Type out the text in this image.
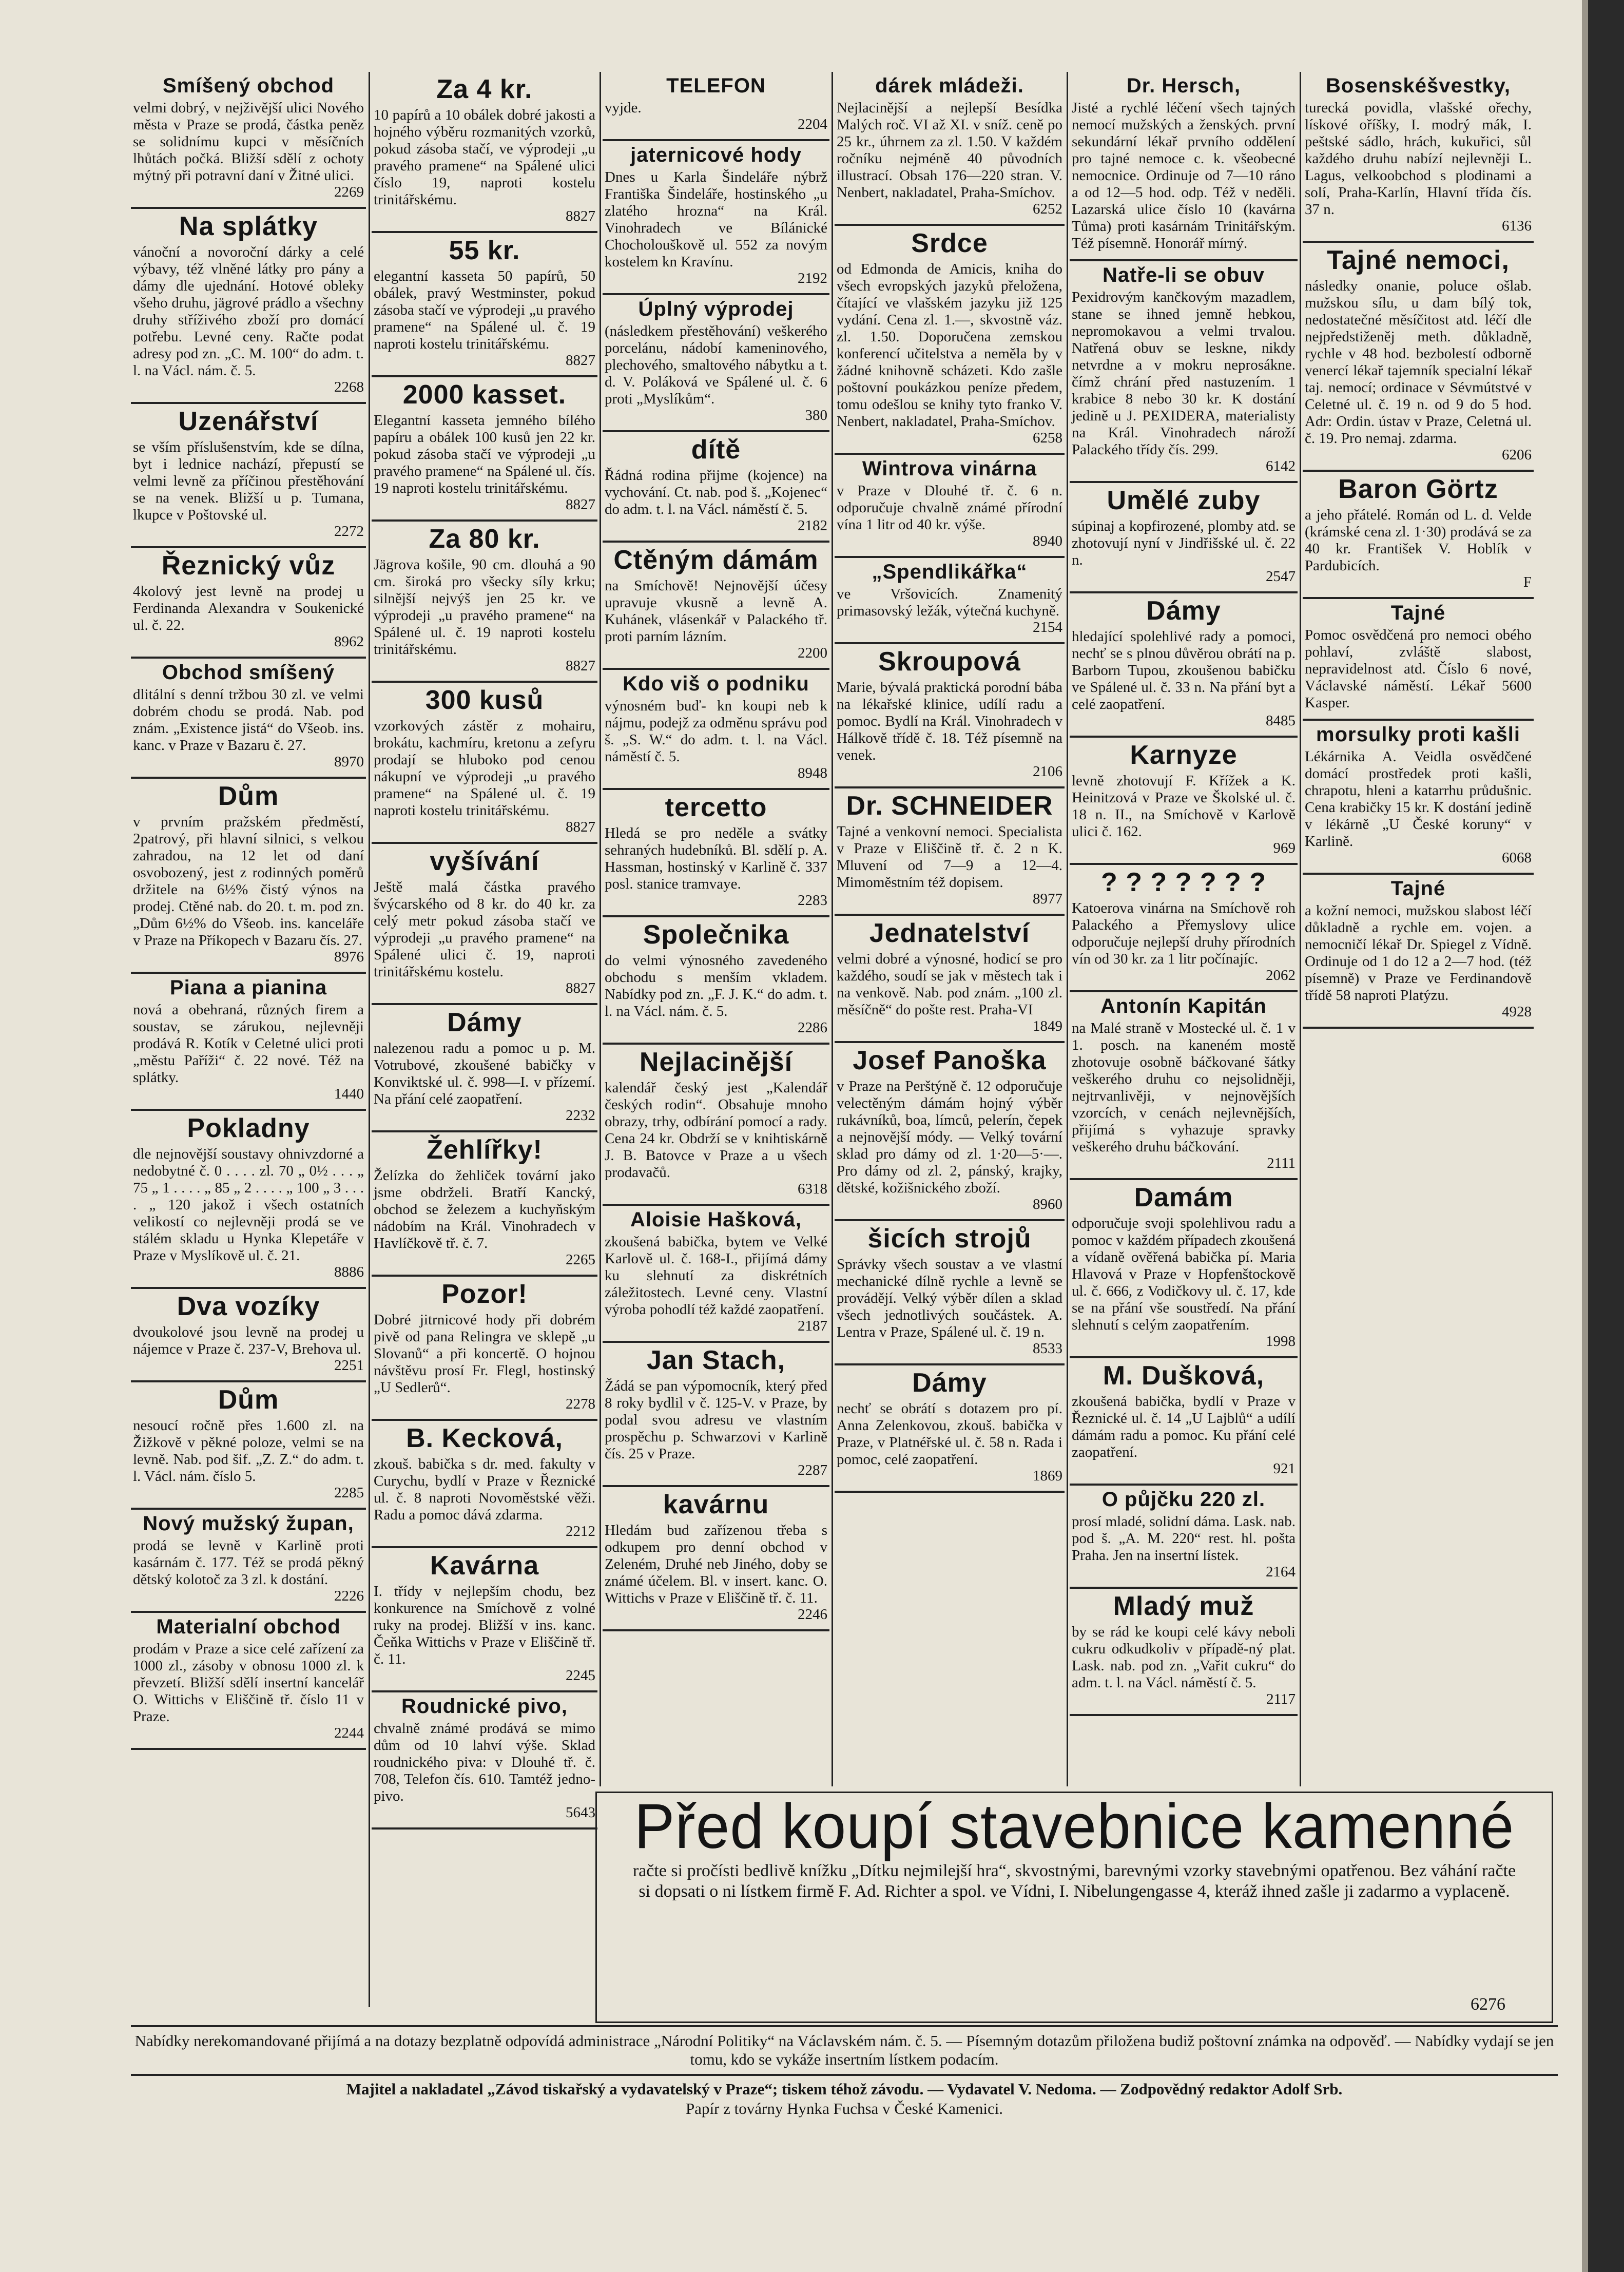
Smíšený obchod

velmi dobrý, v nejživější ulici Nového města v Praze se prodá, částka peněz se solidnímu kupci v měsíčních lhůtách počká. Bližší sdělí z ochoty mýtný při potravní daní v Žitné ulici.

2269
Na splátky

vánoční a novoroční dárky a celé výbavy, též vlněné látky pro pány a dámy dle ujednání. Hotové obleky všeho druhu, jägrové prádlo a všechny druhy stříživého zboží pro domácí potřebu. Levné ceny. Račte podat adresy pod zn. „C. M. 100“ do adm. t. l. na Václ. nám. č. 5.

2268
Uzenářství

se vším příslušenstvím, kde se dílna, byt i lednice nachází, přepustí se velmi levně za příčinou přestěhování se na venek. Bližší u p. Tumana, lkupce v Poštovské ul.

2272
Řeznický vůz

4kolový jest levně na prodej u Ferdinanda Alexandra v Soukenické ul. č. 22.

8962
Obchod smíšený

dlitální s denní tržbou 30 zl. ve velmi dobrém chodu se prodá. Nab. pod znám. „Existence jistá“ do Všeob. ins. kanc. v Praze v Bazaru č. 27.

8970
Dům

v prvním pražském předměstí, 2patrový, při hlavní silnici, s velkou zahradou, na 12 let od daní osvobozený, jest z rodinných poměrů držitele na 6½% čistý výnos na prodej. Ctěné nab. do 20. t. m. pod zn. „Dům 6½% do Všeob. ins. kanceláře v Praze na Příkopech v Bazaru čís. 27.

8976
Piana a pianina

nová a obehraná, různých firem a soustav, se zárukou, nejlevněji prodává R. Kotík v Celetné ulici proti „městu Paříži“ č. 22 nové. Též na splátky.

1440
Pokladny

dle nejnovější soustavy ohnivzdorné a nedobytné č. 0 . . . . zl. 70 „ 0½ . . . „ 75 „ 1 . . . . „ 85 „ 2 . . . . „ 100 „ 3 . . . . „ 120 jakož i všech ostatních velikostí co nejlevněji prodá se ve stálém skladu u Hynka Klepetáře v Praze v Myslíkově ul. č. 21.

8886
Dva vozíky

dvoukolové jsou levně na prodej u nájemce v Praze č. 237-V, Brehova ul.

2251
Dům

nesoucí ročně přes 1.600 zl. na Žižkově v pěkné poloze, velmi se na levně. Nab. pod šif. „Z. Z.“ do adm. t. l. Václ. nám. číslo 5.

2285
Nový mužský župan,

prodá se levně v Karlině proti kasárnám č. 177. Též se prodá pěkný dětský kolotoč za 3 zl. k dostání.

2226
Materialní obchod

prodám v Praze a sice celé zařízení za 1000 zl., zásoby v obnosu 1000 zl. k převzetí. Bližší sdělí insertní kancelář O. Wittichs v Eliščině tř. číslo 11 v Praze.

2244
Za 4 kr.

10 papírů a 10 obálek dobré jakosti a hojného výběru rozmanitých vzorků, pokud zásoba stačí, ve výprodeji „u pravého pramene“ na Spálené ulici číslo 19, naproti kostelu trinitářskému.

8827
55 kr.

elegantní kasseta 50 papírů, 50 obálek, pravý Westminster, pokud zásoba stačí ve výprodeji „u pravého pramene“ na Spálené ul. č. 19 naproti kostelu trinitářskému.

8827
2000 kasset.

Elegantní kasseta jemného bílého papíru a obálek 100 kusů jen 22 kr. pokud zásoba stačí ve výprodeji „u pravého pramene“ na Spálené ul. čís. 19 naproti kostelu trinitářskému.

8827
Za 80 kr.

Jägrova košile, 90 cm. dlouhá a 90 cm. široká pro všecky síly krku; silnější nejvýš jen 25 kr. ve výprodeji „u pravého pramene“ na Spálené ul. č. 19 naproti kostelu trinitářskému.

8827
300 kusů

vzorkových zástěr z mohairu, brokátu, kachmíru, kretonu a zefyru prodají se hluboko pod cenou nákupní ve výprodeji „u pravého pramene“ na Spálené ul. č. 19 naproti kostelu trinitářskému.

8827
vyšívání

Ještě malá částka pravého švýcarského od 8 kr. do 40 kr. za celý metr pokud zásoba stačí ve výprodeji „u pravého pramene“ na Spálené ulici č. 19, naproti trinitářskému kostelu.

8827
Dámy

nalezenou radu a pomoc u p. M. Votrubové, zkoušené babičky v Konviktské ul. č. 998—I. v přízemí. Na přání celé zaopatření.

2232
Žehlířky!

Želízka do žehliček tovární jako jsme obdrželi. Bratří Kancký, obchod se železem a kuchyňským nádobím na Král. Vinohradech v Havlíčkově tř. č. 7.

2265
Pozor!

Dobré jitrnicové hody při dobrém pivě od pana Relingra ve sklepě „u Slovanů“ a při koncertě. O hojnou návštěvu prosí Fr. Flegl, hostinský „U Sedlerů“.

2278
B. Kecková,

zkouš. babička s dr. med. fakulty v Curychu, bydlí v Praze v Řeznické ul. č. 8 naproti Novoměstské věži. Radu a pomoc dává zdarma.

2212
Kavárna

I. třídy v nejlepším chodu, bez konkurence na Smíchově z volné ruky na prodej. Bližší v ins. kanc. Čeňka Wittichs v Praze v Eliščině tř. č. 11.

2245
Roudnické pivo,

chvalně známé prodává se mimo dům od 10 lahví výše. Sklad roudnického piva: v Dlouhé tř. č. 708, Telefon čís. 610. Tamtéž jedno- pivo.

5643
TELEFON

vyjde.

2204
jaternicové hody

Dnes u Karla Šindeláře nýbrž Františka Šindeláře, hostinského „u zlatého hrozna“ na Král. Vinohradech ve Bílánické Chocholouškově ul. 552 za novým kostelem kn Kravínu.

2192
Úplný výprodej

(následkem přestěhování) veškerého porcelánu, nádobí kameninového, plechového, smaltového nábytku a t. d. V. Poláková ve Spálené ul. č. 6 proti „Myslíkům“.

380
dítě

Řádná rodina přijme (kojence) na vychování. Ct. nab. pod š. „Kojenec“ do adm. t. l. na Václ. náměstí č. 5.

2182
Ctěným dámám

na Smíchově! Nejnovější účesy upravuje vkusně a levně A. Kuhánek, vlásenkář v Palackého tř. proti parním lázním.

2200
Kdo viš o podniku

výnosném buď- kn koupi neb k nájmu, podejž za odměnu správu pod š. „S. W.“ do adm. t. l. na Václ. náměstí č. 5.

8948
tercetto

Hledá se pro neděle a svátky sehraných hudebníků. Bl. sdělí p. A. Hassman, hostinský v Karlině č. 337 posl. stanice tramvaye.

2283
Společnika

do velmi výnosného zavedeného obchodu s menším vkladem. Nabídky pod zn. „F. J. K.“ do adm. t. l. na Václ. nám. č. 5.

2286
Nejlacinější

kalendář český jest „Kalendář českých rodin“. Obsahuje mnoho obrazy, trhy, odbírání pomocí a rady. Cena 24 kr. Obdrží se v knihtiskárně J. B. Batovce v Praze a u všech prodavačů.

6318
Aloisie Hašková,

zkoušená babička, bytem ve Velké Karlově ul. č. 168-I., přijímá dámy ku slehnutí za diskrétních záležitostech. Levné ceny. Vlastní výroba pohodlí též každé zaopatření.

2187
Jan Stach,

Žádá se pan výpomocník, který před 8 roky bydlil v č. 125-V. v Praze, by podal svou adresu ve vlastním prospěchu p. Schwarzovi v Karlině čís. 25 v Praze.

2287
kavárnu

Hledám bud zařízenou třeba s odkupem pro denní obchod v Zeleném, Druhé neb Jiného, doby se známé účelem. Bl. v insert. kanc. O. Wittichs v Praze v Eliščině tř. č. 11.

2246
dárek mládeži.

Nejlacinější a nejlepší Besídka Malých roč. VI až XI. v sníž. ceně po 25 kr., úhrnem za zl. 1.50. V každém ročníku nejméně 40 původních illustrací. Obsah 176—220 stran. V. Nenbert, nakladatel, Praha-Smíchov.

6252
Srdce

od Edmonda de Amicis, kniha do všech evropských jazyků přeložena, čítající ve vlašském jazyku již 125 vydání. Cena zl. 1.—, skvostně váz. zl. 1.50. Doporučena zemskou konferencí učitelstva a neměla by v žádné knihovně scházeti. Kdo zašle poštovní poukázkou peníze předem, tomu odešlou se knihy tyto franko V. Nenbert, nakladatel, Praha-Smíchov.

6258
Wintrova vinárna

v Praze v Dlouhé tř. č. 6 n. odporučuje chvalně známé přírodní vína 1 litr od 40 kr. výše.

8940
„Spendlikářka“

ve Vršovicích. Znamenitý primasovský ležák, výtečná kuchyně.

2154
Skroupová

Marie, bývalá praktická porodní bába na lékařské klinice, udílí radu a pomoc. Bydlí na Král. Vinohradech v Hálkově třídě č. 18. Též písemně na venek.

2106
Dr. SCHNEIDER

Tajné a venkovní nemoci. Specialista v Praze v Eliščině tř. č. 2 n K. Mluvení od 7—9 a 12—4. Mimoměstním též dopisem.

8977
Jednatelství

velmi dobré a výnosné, hodicí se pro každého, soudí se jak v městech tak i na venkově. Nab. pod znám. „100 zl. měsíčně“ do pošte rest. Praha-VI

1849
Josef Panoška

v Praze na Perštýně č. 12 odporučuje velectěným dámám hojný výběr rukávníků, boa, límců, pelerín, čepek a nejnovější módy. — Velký tovární sklad pro dámy od zl. 1·20—5·—. Pro dámy od zl. 2, pánský, krajky, dětské, kožišnického zboží.

8960
šicích strojů

Správky všech soustav a ve vlastní mechanické dílně rychle a levně se provádějí. Velký výběr dílen a sklad všech jednotlivých součástek. A. Lentra v Praze, Spálené ul. č. 19 n.

8533
Dámy

nechť se obrátí s dotazem pro pí. Anna Zelenkovou, zkouš. babička v Praze, v Platnéřské ul. č. 58 n. Rada i pomoc, celé zaopatření.

1869
Dr. Hersch,

Jisté a rychlé léčení všech tajných nemocí mužských a ženských. první sekundární lékař prvního oddělení pro tajné nemoce c. k. všeobecné nemocnice. Ordinuje od 7—10 ráno a od 12—5 hod. odp. Též v neděli. Lazarská ulice číslo 10 (kavárna Tůma) proti kasárnám Trinitářským. Též písemně. Honorář mírný.

Natře-li se obuv

Pexidrovým kančkovým mazadlem, stane se ihned jemně hebkou, nepromokavou a velmi trvalou. Natřená obuv se leskne, nikdy netvrdne a v mokru neprosákne. čímž chrání před nastuzením. 1 krabice 8 nebo 30 kr. K dostání jedině u J. PEXIDERA, materialisty na Král. Vinohradech nároží Palackého třídy čís. 299.

6142
Umělé zuby

súpinaj a kopfirozené, plomby atd. se zhotovují nyní v Jindřišské ul. č. 22 n.

2547
Dámy

hledající spolehlivé rady a pomoci, nechť se s plnou důvěrou obrátí na p. Barborn Tupou, zkoušenou babičku ve Spálené ul. č. 33 n. Na přání byt a celé zaopatření.

8485
Karnyze

levně zhotovují F. Křížek a K. Heinitzová v Praze ve Školské ul. č. 18 n. II., na Smíchově v Karlově ulici č. 162.

969
? ? ? ? ? ? ?

Katoerova vinárna na Smíchově roh Palackého a Přemyslovy ulice odporučuje nejlepší druhy přírodních vín od 30 kr. za 1 litr počínajíc.

2062
Antonín Kapitán

na Malé straně v Mostecké ul. č. 1 v 1. posch. na kaneném mostě zhotovuje osobně báčkované šátky veškerého druhu co nejsolidněji, nejtrvanlivěji, v nejnovějších vzorcích, v cenách nejlevnějších, přijímá s vyhazuje spravky veškerého druhu báčkování.

2111
Damám

odporučuje svoji spolehlivou radu a pomoc v každém případech zkoušená a vídaně ověřená babička pí. Maria Hlavová v Praze v Hopfenštockově ul. č. 666, z Vodičkovy ul. č. 17, kde se na přání vše soustředí. Na přání slehnutí s celým zaopatřením.

1998
M. Dušková,

zkoušená babička, bydlí v Praze v Řeznické ul. č. 14 „U Lajblů“ a udílí dámám radu a pomoc. Ku přání celé zaopatření.

921
O půjčku 220 zl.

prosí mladé, solidní dáma. Lask. nab. pod š. „A. M. 220“ rest. hl. pošta Praha. Jen na insertní lístek.

2164
Mladý muž

by se rád ke koupi celé kávy neboli cukru odkudkoliv v případě-ný plat. Lask. nab. pod zn. „Vařit cukru“ do adm. t. l. na Václ. náměstí č. 5.

2117
Bosenskéšvestky,

turecká povidla, vlašské ořechy, lískové oříšky, I. modrý mák, I. peštské sádlo, hrách, kukuřici, sůl každého druhu nabízí nejlevněji L. Lagus, velkoobchod s plodinami a solí, Praha-Karlín, Hlavní třída čís. 37 n.

6136
Tajné nemoci,

následky onanie, poluce ošlab. mužskou sílu, u dam bílý tok, nedostatečné měsíčitost atd. léčí dle nejpředstiženěj meth. důkladně, rychle v 48 hod. bezbolestí odborně venercí lékař tajemník specialní lékař taj. nemocí; ordinace v Sévmútstvé v Celetné ul. č. 19 n. od 9 do 5 hod. Adr: Ordin. ústav v Praze, Celetná ul. č. 19. Pro nemaj. zdarma.

6206
Baron Görtz

a jeho přátelé. Román od L. d. Velde (krámské cena zl. 1·30) prodává se za 40 kr. František V. Hoblík v Pardubicích.

F
Tajné

Pomoc osvědčená pro nemoci obého pohlaví, zvláště slabost, nepravidelnost atd. Číslo 6 nové, Václavské náměstí. Lékař 5600 Kasper.

morsulky proti kašli

Lékárnika A. Veidla osvědčené domácí prostředek proti kašli, chrapotu, hleni a katarrhu průdušnic. Cena krabičky 15 kr. K dostání jedině v lékárně „U České koruny“ v Karlině.

6068
Tajné

a kožní nemoci, mužskou slabost léčí důkladně a rychle em. vojen. a nemocničí lékař Dr. Spiegel z Vídně. Ordinuje od 1 do 12 a 2—7 hod. (též písemně) v Praze ve Ferdinandově třídě 58 naproti Platýzu.

4928
Před koupí stavebnice kamenné

račte si pročísti bedlivě knížku „Dítku nejmilejší hra“, skvostnými, barevnými vzorky stavebnými opatřenou. Bez váhání račte si dopsati o ni lístkem firmě F. Ad. Richter a spol. ve Vídni, I. Nibelungengasse 4, kteráž ihned zašle ji zadarmo a vyplaceně.

6276
Nabídky nerekomandované přijímá a na dotazy bezplatně odpovídá administrace „Národní Politiky“ na Václavském nám. č. 5. — Písemným dotazům přiložena budiž poštovní známka na odpověď. — Nabídky vydají se jen tomu, kdo se vykáže insertním lístkem podacím.
Majitel a nakladatel „Závod tiskařský a vydavatelský v Praze“; tiskem téhož závodu. — Vydavatel V. Nedoma. — Zodpovědný redaktor Adolf Srb.
Papír z továrny Hynka Fuchsa v České Kamenici.
